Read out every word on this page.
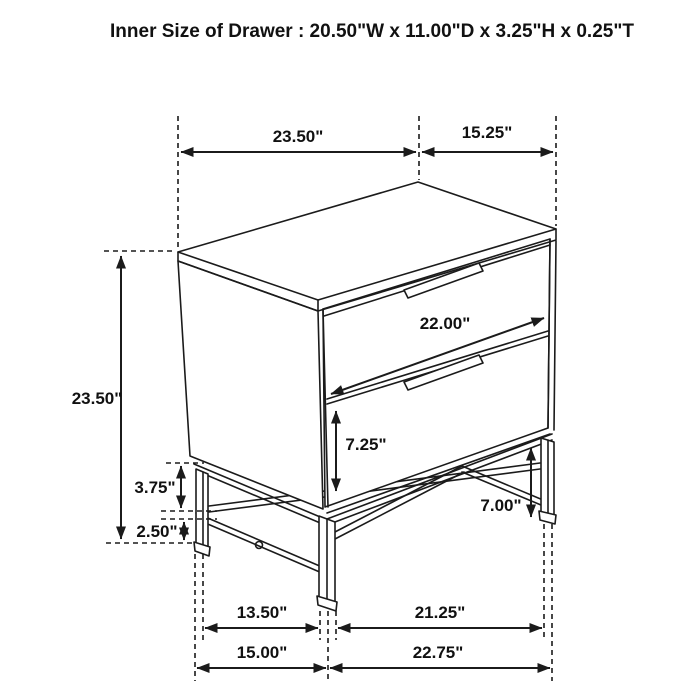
23.50"	15.25"
23.50"
3.75"
2.50"
22.00"
7.25"
7.00"
13.50"	21.25"
15.00"	22.75"
Inner Size of Drawer : 20.50"W x 11.00"D x 3.25"H x 0.25"T
